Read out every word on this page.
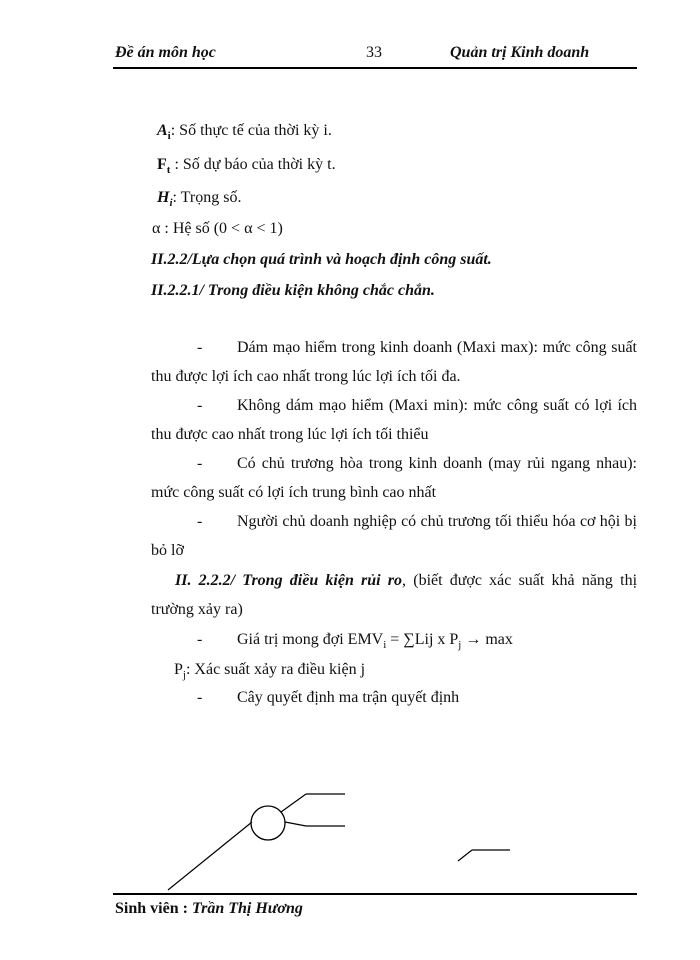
Đề án môn học	33	Quản trị Kinh doanh
$A_i$: Số thực tế của thời kỳ i.
$F_t$ : Số dự báo của thời kỳ t.
$H_i$: Trọng số.
α : Hệ số (0 < α < 1)
II.2.2/Lựa chọn quá trình và hoạch định công suất.
II.2.2.1/ Trong điều kiện không chắc chắn.
- Dám mạo hiểm trong kinh doanh (Maxi max): mức công suất
thu được lợi ích cao nhất trong lúc lợi ích tối đa.
- Không dám mạo hiểm (Maxi min): mức công suất có lợi ích
thu được cao nhất trong lúc lợi ích tối thiểu
- Có chủ trương hòa trong kinh doanh (may rủi ngang nhau):
mức công suất có lợi ích trung bình cao nhất
- Người chủ doanh nghiệp có chủ trương tối thiểu hóa cơ hội bị
bỏ lỡ
II. 2.2.2/ Trong điều kiện rủi ro, (biết được xác suất khả năng thị
trường xảy ra)
- Giá trị mong đợi $EMV_i = \sum Lij$ x $P_j \to \max$
$P_j$: Xác suất xảy ra điều kiện j
- Cây quyết định ma trận quyết định
Sinh viên : Trần Thị Hương
